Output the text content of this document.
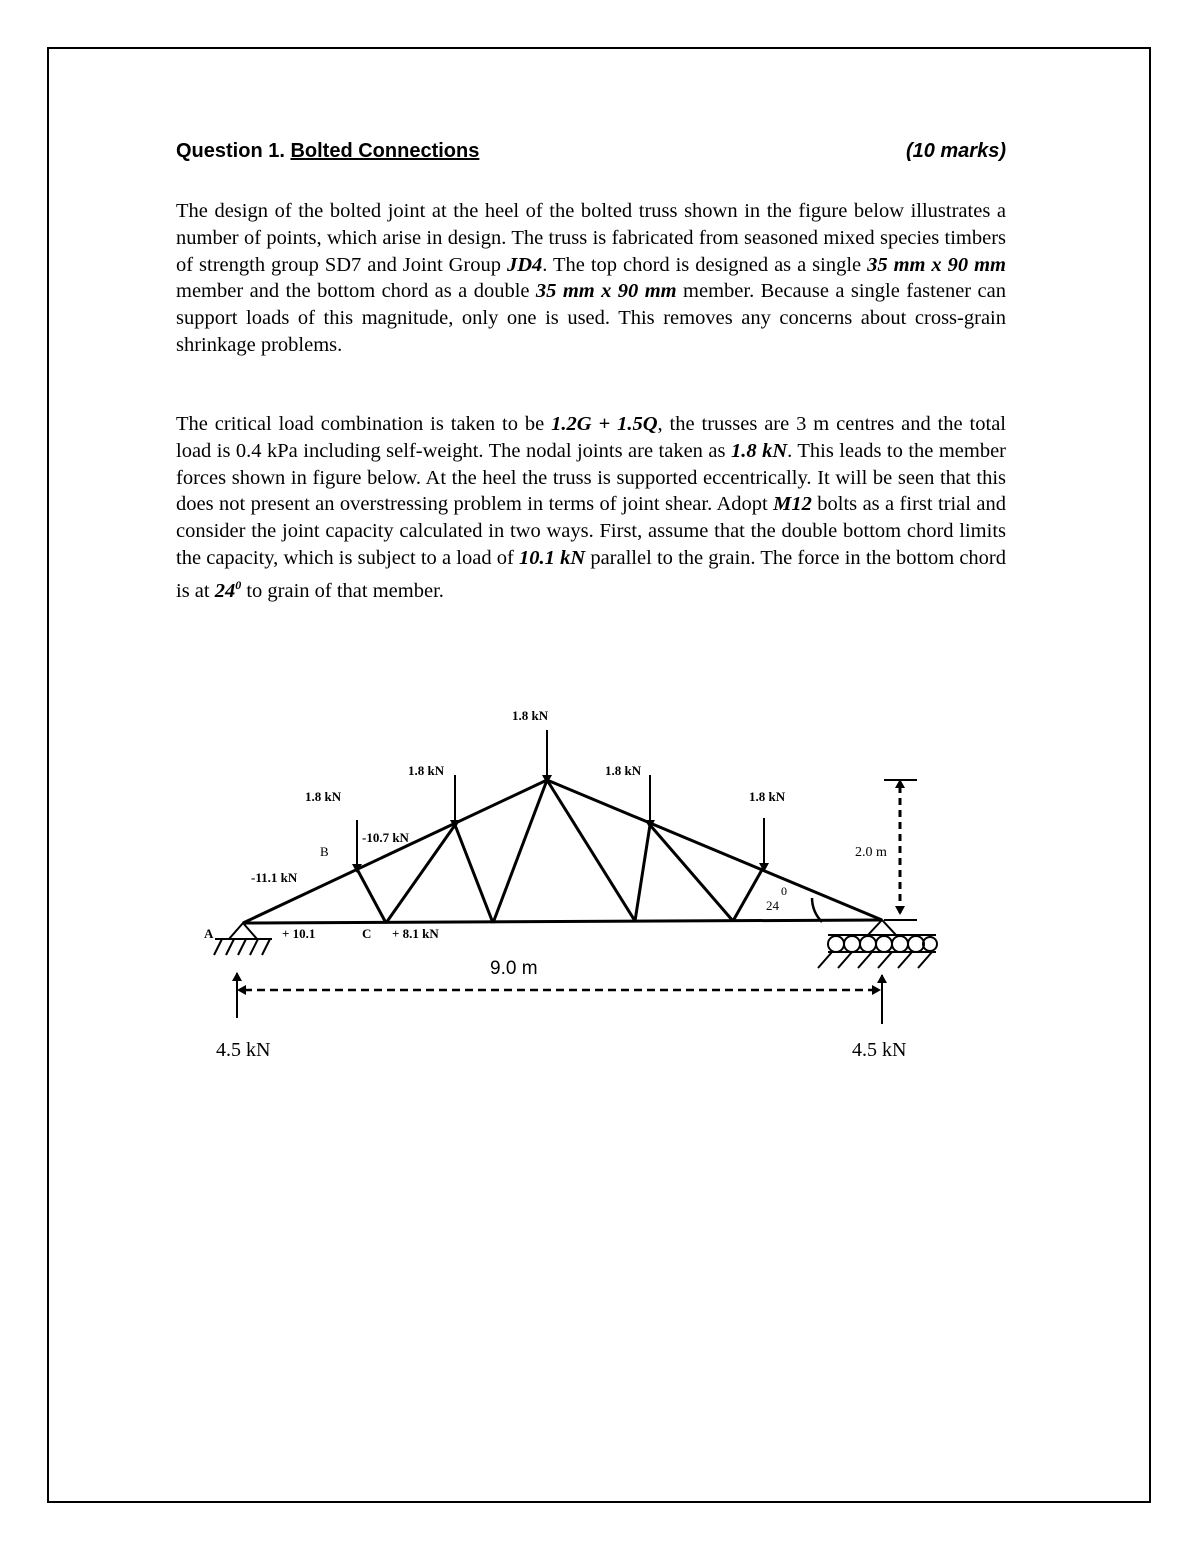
Question 1. Bolted Connections	(10 marks)

The design of the bolted joint at the heel of the bolted truss shown in the figure below illustrates a number of points, which arise in design. The truss is fabricated from seasoned mixed species timbers of strength group SD7 and Joint Group JD4. The top chord is designed as a single 35 mm x 90 mm member and the bottom chord as a double 35 mm x 90 mm member. Because a single fastener can support loads of this magnitude, only one is used. This removes any concerns about cross-grain shrinkage problems.

The critical load combination is taken to be 1.2G + 1.5Q, the trusses are 3 m centres and the total load is 0.4 kPa including self-weight. The nodal joints are taken as 1.8 kN. This leads to the member forces shown in figure below. At the heel the truss is supported eccentrically. It will be seen that this does not present an overstressing problem in terms of joint shear. Adopt M12 bolts as a first trial and consider the joint capacity calculated in two ways. First, assume that the double bottom chord limits the capacity, which is subject to a load of 10.1 kN parallel to the grain. The force in the bottom chord is at $24^0$ to grain of that member.

1.8 kN
1.8 kN	1.8 kN
1.8 kN	1.8 kN
-10.7 kN
-11.1 kN
+ 10.1	+ 8.1 kN
A
B
C
2.0 m
24
0
9.0 m
4.5 kN	4.5 kN
